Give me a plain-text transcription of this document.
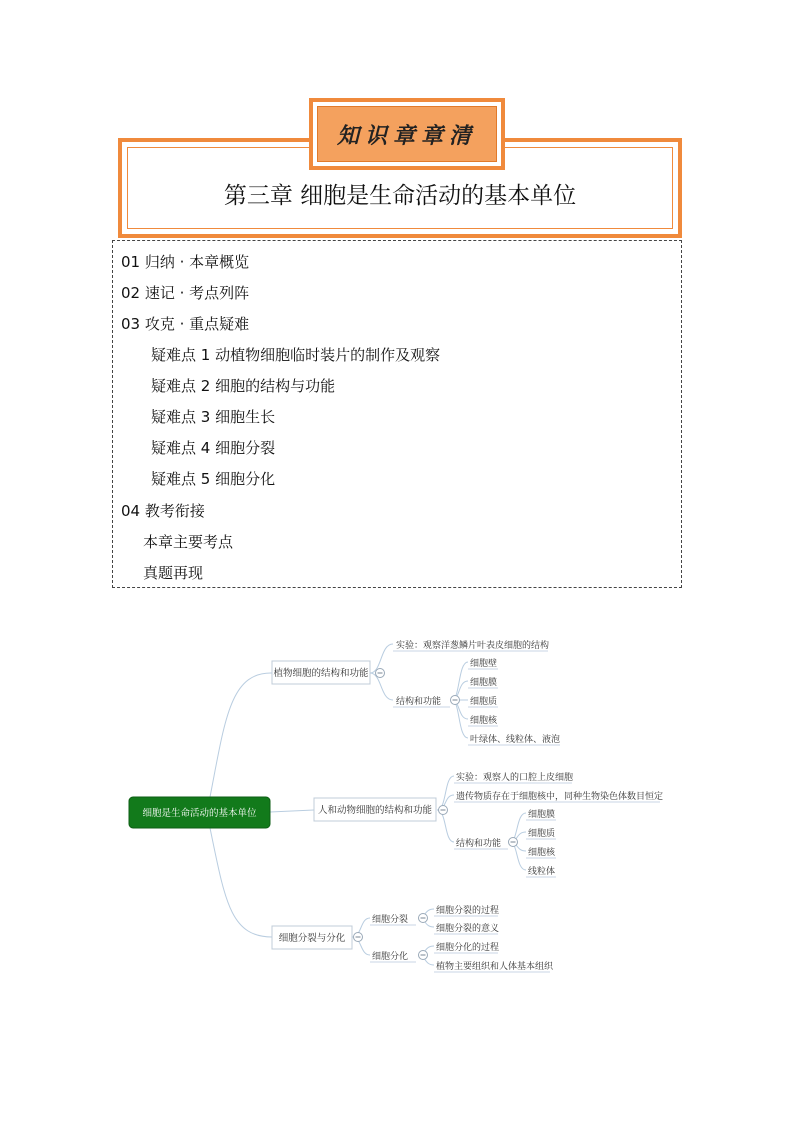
知识章章清
第三章 细胞是生命活动的基本单位
01 归纳 · 本章概览
02 速记 · 考点列阵
03 攻克 · 重点疑难
疑难点 1 动植物细胞临时装片的制作及观察
疑难点 2 细胞的结构与功能
疑难点 3 细胞生长
疑难点 4 细胞分裂
疑难点 5 细胞分化
04 教考衔接
本章主要考点
真题再现
细胞是生命活动的基本单位
植物细胞的结构和功能
人和动物细胞的结构和功能
细胞分裂与分化
实验：观察洋葱鳞片叶表皮细胞的结构
结构和功能
细胞壁
细胞膜
细胞质
细胞核
叶绿体、线粒体、液泡
实验：观察人的口腔上皮细胞
遗传物质存在于细胞核中，同种生物染色体数目恒定
结构和功能
细胞膜
细胞质
细胞核
线粒体
细胞分裂
细胞分化
细胞分裂的过程
细胞分裂的意义
细胞分化的过程
植物主要组织和人体基本组织
